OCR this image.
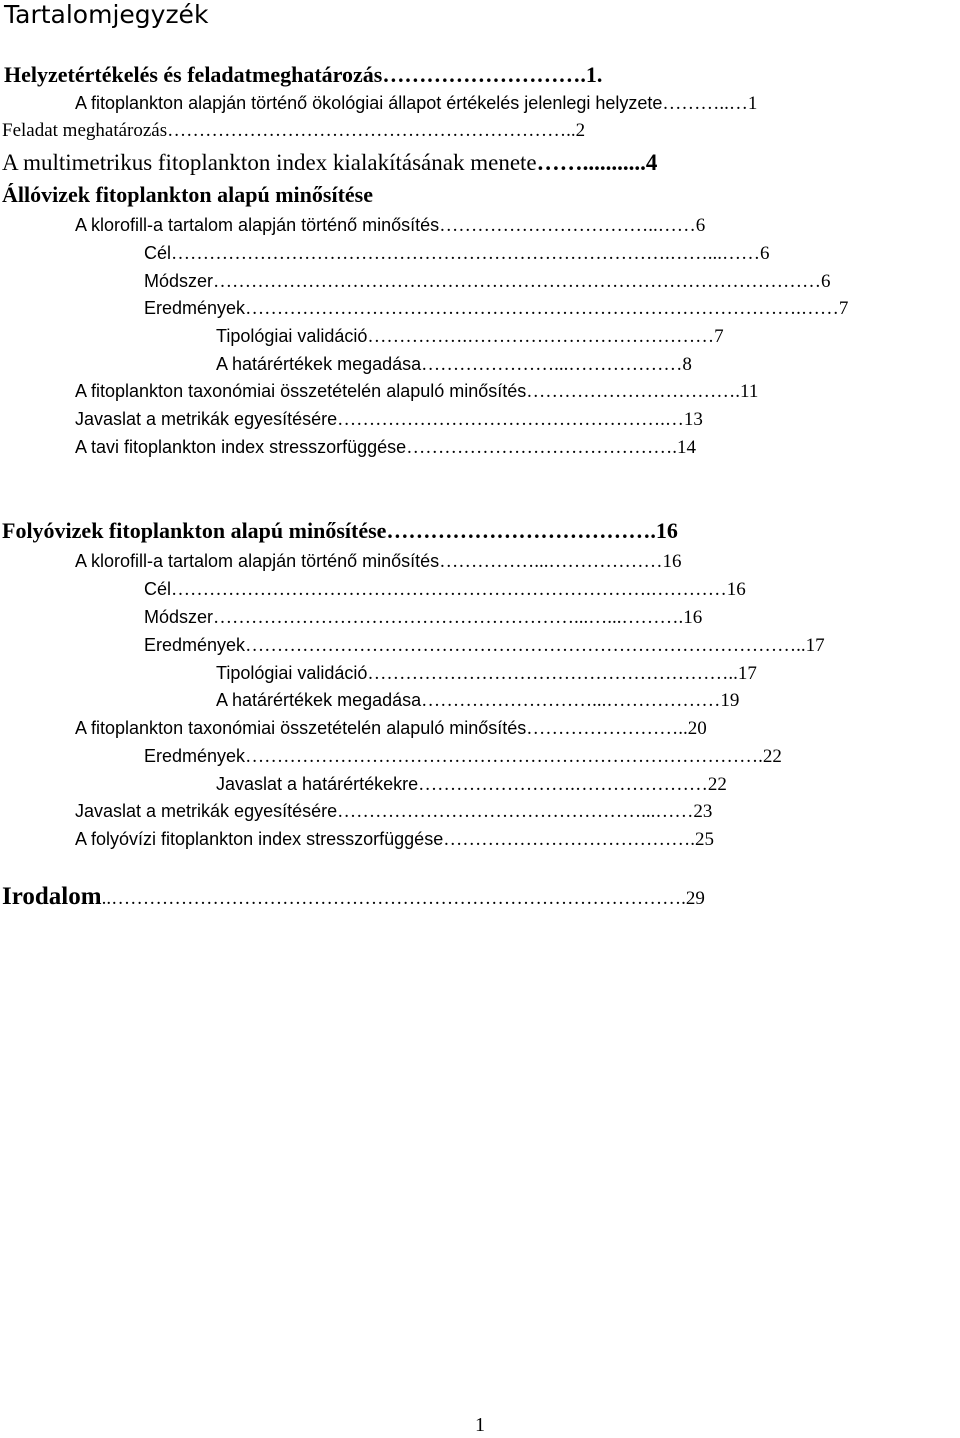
Tartalomjegyzék
Helyzetértékelés és feladatmeghatározás……………………….1.
A fitoplankton alapján történő ökológiai állapot értékelés jelenlegi helyzete………..…1
Feladat meghatározás………………………………………………………..2
A multimetrikus fitoplankton index kialakításának menete……...........4
Állóvizek fitoplankton alapú minősítése
A klorofill-a tartalom alapján történő minősítés……………………………..……6
Cél…………………………………………………………………….……...……6
Módszer……………………………………………………………………………………6
Eredmények…………………………………………………………………………….……7
Tipológiai validáció…………….…………………………………7
A határértékek megadása…………………...………………8
A fitoplankton taxonómiai összetételén alapuló minősítés…………………………….11
Javaslat a metrikák egyesítésére…………………………………………….…13
A tavi fitoplankton index stresszorfüggése…………………………………….14
Folyóvizek fitoplankton alapú minősítése……………………………….16
A klorofill-a tartalom alapján történő minősítés……………...………………16
Cél………………………………………………………………….…………16
Módszer…………………………………………………...…...……….16
Eredmények……………………………………………………………………………..17
Tipológiai validáció…………………………………………………..17
A határértékek megadása………………………...………………19
A fitoplankton taxonómiai összetételén alapuló minősítés……………………..20
Eredmények……………………………………………………………………….22
Javaslat a határértékekre…………………….…………………22
Javaslat a metrikák egyesítésére…………………………………………...……23
A folyóvízi fitoplankton index stresszorfüggése………………………………….25
Irodalom..……………………………………………………………………………….29
1
